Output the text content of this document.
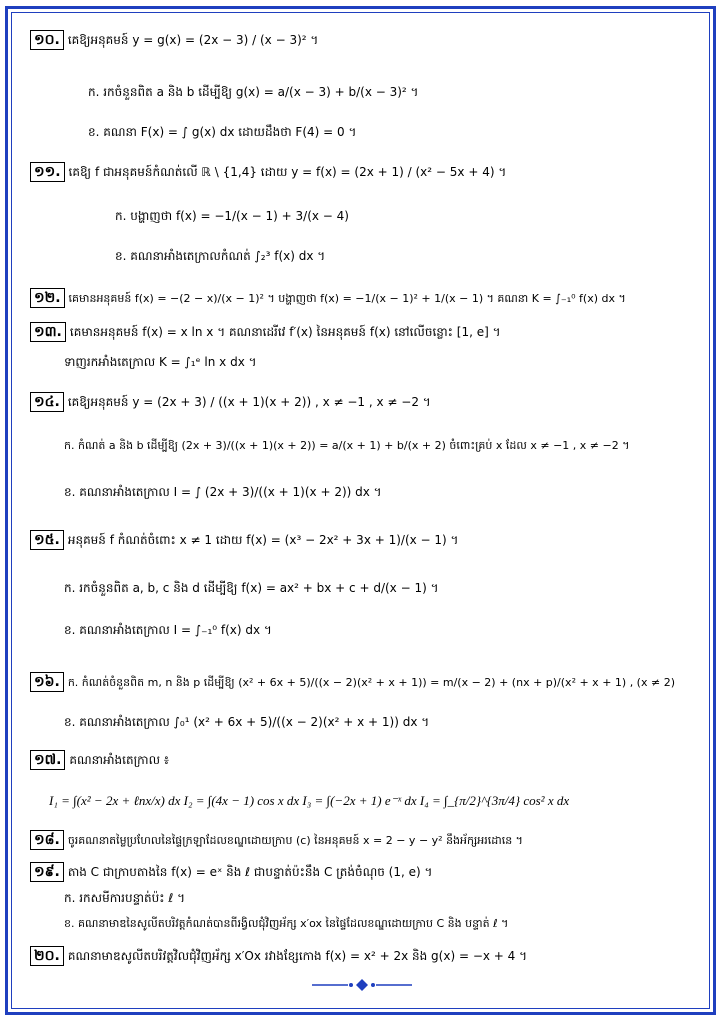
១០. គេឱ្យអនុគមន៍ y = g(x) = (2x − 3) / (x − 3)² ។
ក. រកចំនួនពិត a និង b ដើម្បីឱ្យ g(x) = a/(x − 3) + b/(x − 3)² ។
ខ. គណនា F(x) = ∫ g(x) dx ដោយដឹងថា F(4) = 0 ។
១១. គេឱ្យ f ជាអនុគមន៍កំណត់លើ ℝ \ {1,4} ដោយ y = f(x) = (2x + 1) / (x² − 5x + 4) ។
ក. បង្ហាញថា f(x) = −1/(x − 1) + 3/(x − 4)
ខ. គណនាអាំងតេក្រាលកំណត់ ∫₂³ f(x) dx ។
១២. គេមានអនុគមន៍ f(x) = −(2 − x)/(x − 1)² ។ បង្ហាញថា f(x) = −1/(x − 1)² + 1/(x − 1) ។ គណនា K = ∫₋₁⁰ f(x) dx ។
១៣. គេមានអនុគមន៍ f(x) = x ln x ។ គណនាដេរីវេ f′(x) នៃអនុគមន៍ f(x) នៅលើចន្លោះ [1, e] ។
ទាញរកអាំងតេក្រាល K = ∫₁ᵉ ln x dx ។
១៤. គេឱ្យអនុគមន៍ y = (2x + 3) / ((x + 1)(x + 2)) , x ≠ −1 , x ≠ −2 ។
ក. កំណត់ a និង b ដើម្បីឱ្យ (2x + 3)/((x + 1)(x + 2)) = a/(x + 1) + b/(x + 2) ចំពោះគ្រប់ x ដែល x ≠ −1 , x ≠ −2 ។
ខ. គណនាអាំងតេក្រាល I = ∫ (2x + 3)/((x + 1)(x + 2)) dx ។
១៥. អនុគមន៍ f កំណត់ចំពោះ x ≠ 1 ដោយ f(x) = (x³ − 2x² + 3x + 1)/(x − 1) ។
ក. រកចំនួនពិត a, b, c និង d ដើម្បីឱ្យ f(x) = ax² + bx + c + d/(x − 1) ។
ខ. គណនាអាំងតេក្រាល I = ∫₋₁⁰ f(x) dx ។
១៦. ក. កំណត់ចំនួនពិត m, n និង p ដើម្បីឱ្យ (x² + 6x + 5)/((x − 2)(x² + x + 1)) = m/(x − 2) + (nx + p)/(x² + x + 1) , (x ≠ 2)
ខ. គណនាអាំងតេក្រាល ∫₀¹ (x² + 6x + 5)/((x − 2)(x² + x + 1)) dx ។
១៧. គណនាអាំងតេក្រាល ៖
I₁ = ∫(x² − 2x + ℓnx/x) dx I₂ = ∫(4x − 1) cos x dx I₃ = ∫(−2x + 1) e⁻ˣ dx I₄ = ∫_{π/2}^{3π/4} cos² x dx
១៨. ចូរគណនាតម្លៃប្រហែលនៃផ្ទៃក្រឡាដែលខណ្ឌដោយក្រាប (c) នៃអនុគមន៍ x = 2 − y − y² នឹងអ័ក្សអរដោនេ ។
១៩. តាង C ជាក្រាបតាងនៃ f(x) = eˣ និង ℓ ជាបន្ទាត់ប៉ះនឹង C ត្រង់ចំណុច (1, e) ។
ក. រកសមីការបន្ទាត់ប៉ះ ℓ ។
ខ. គណនាមាឌនៃសូលីតបរិវត្តកំណត់បានពីរង្វិលជុំវិញអ័ក្ស x′ox នៃផ្ទៃដែលខណ្ឌដោយក្រាប C និង បន្ទាត់ ℓ ។
២០. គណនាមាឌសូលីតបរិវត្តវិលជុំវិញអ័ក្ស x′Ox រវាងខ្សែកោង f(x) = x² + 2x និង g(x) = −x + 4 ។
